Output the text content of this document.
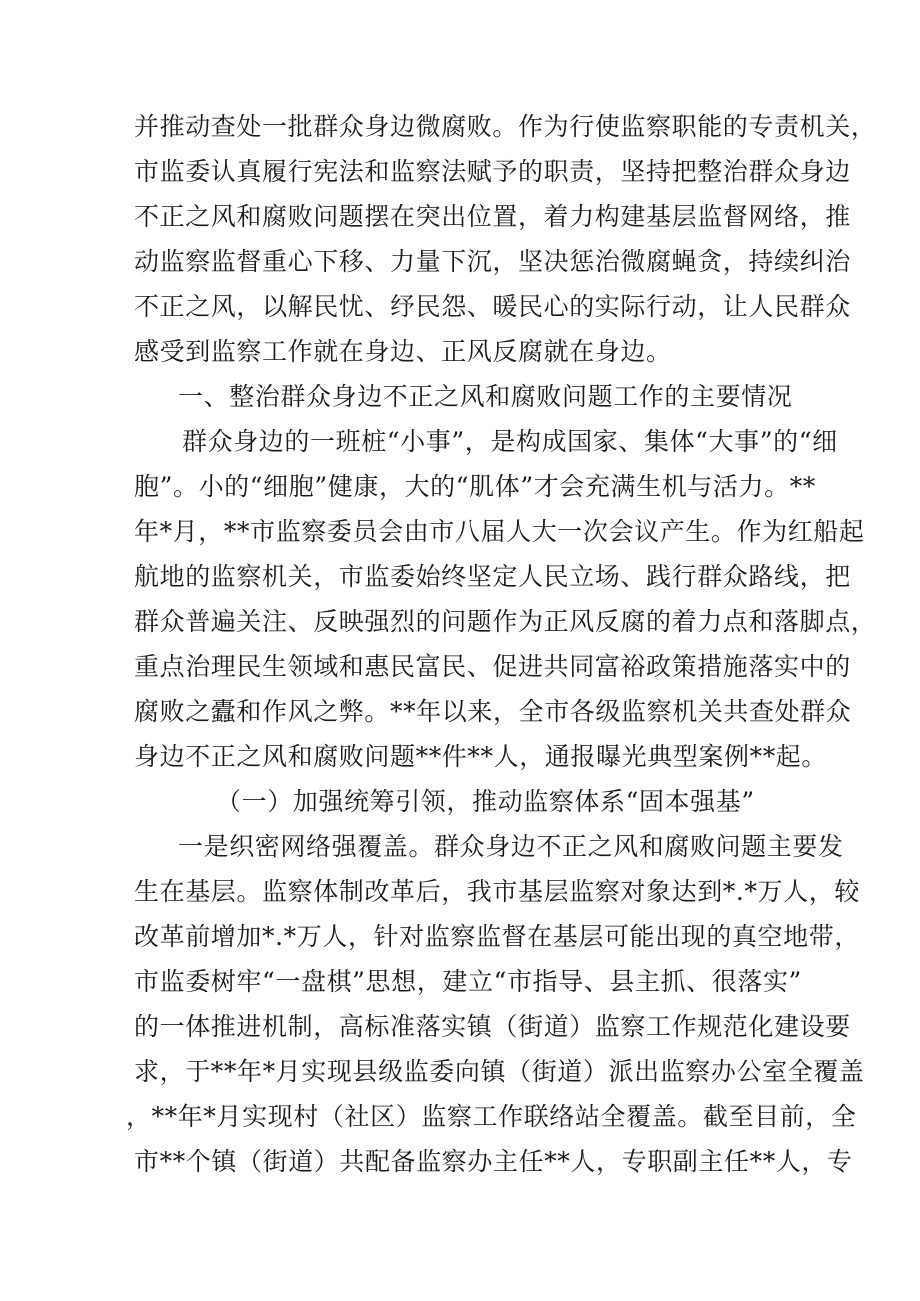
并推动查处一批群众身边微腐败。作为行使监察职能的专责机关，
市监委认真履行宪法和监察法赋予的职责，坚持把整治群众身边
不正之风和腐败问题摆在突出位置，着力构建基层监督网络，推
动监察监督重心下移、力量下沉，坚决惩治微腐蝇贪，持续纠治
不正之风，以解民忧、纾民怨、暖民心的实际行动，让人民群众
感受到监察工作就在身边、正风反腐就在身边。
一、整治群众身边不正之风和腐败问题工作的主要情况
群众身边的一班桩“小事”，是构成国家、集体“大事”的“细
胞”。小的“细胞”健康，大的“肌体”才会充满生机与活力。**
年*月，**市监察委员会由市八届人大一次会议产生。作为红船起
航地的监察机关，市监委始终坚定人民立场、践行群众路线，把
群众普遍关注、反映强烈的问题作为正风反腐的着力点和落脚点，
重点治理民生领域和惠民富民、促进共同富裕政策措施落实中的
腐败之蠹和作风之弊。**年以来，全市各级监察机关共查处群众
身边不正之风和腐败问题**件**人，通报曝光典型案例**起。
（一）加强统筹引领，推动监察体系“固本强基”
一是织密网络强覆盖。群众身边不正之风和腐败问题主要发
生在基层。监察体制改革后，我市基层监察对象达到*.*万人，较
改革前增加*.*万人，针对监察监督在基层可能出现的真空地带，
市监委树牢“一盘棋”思想，建立“市指导、县主抓、很落实”
的一体推进机制，高标准落实镇（街道）监察工作规范化建设要
求，于**年*月实现县级监委向镇（街道）派出监察办公室全覆盖
，**年*月实现村（社区）监察工作联络站全覆盖。截至目前，全
市**个镇（街道）共配备监察办主任**人，专职副主任**人，专
